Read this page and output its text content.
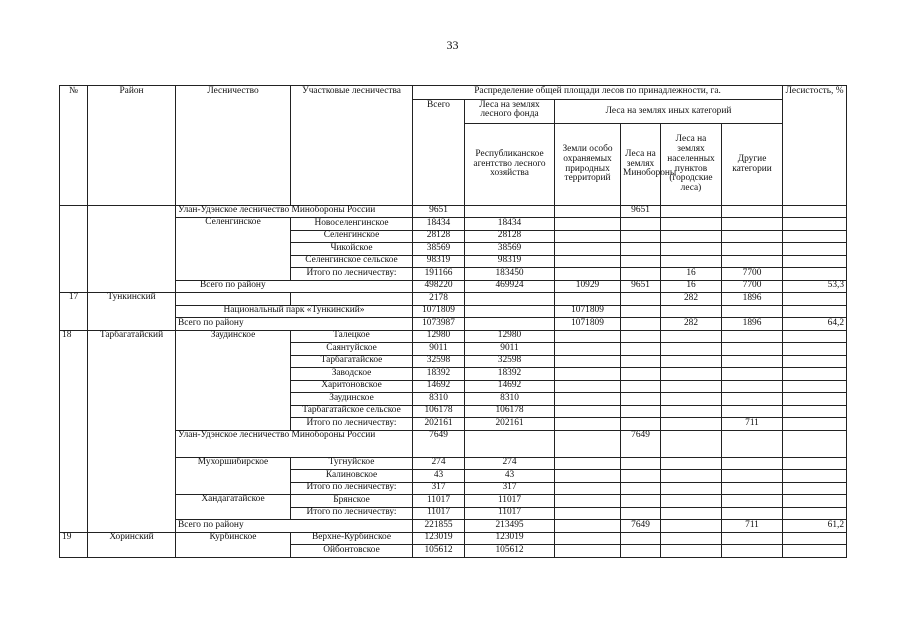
33
№	Район	Лесничество	Участковые лесничества	Распределение общей площади лесов по принадлежности, га.						Лесистость, %
				Всего	Леса на землях лесного фонда	Леса на землях иных категорий				
					Республиканское агентство лесного хозяйства	Земли особо охраняемых природных территорий	Леса на землях Минобороны	Леса на землях населенных пунктов (городские леса)	Другие категории	
		Улан-Удэнское лесничество Минобороны России		9651			9651			
		Селенгинское	Новоселенгинское	18434	18434					
			Селенгинское	28128	28128					
			Чикойское	38569	38569					
			Селенгинское сельское	98319	98319					
			Итого по лесничеству:	191166	183450			16	7700	
		Всего по району		498220	469924	10929	9651	16	7700	53,3
17	Тункинский			2178				282	1896	
		Национальный парк «Тункинский»		1071809		1071809				
		Всего по району		1073987		1071809		282	1896	64,2
18	Тарбагатайский	Заудинское	Талецкое	12980	12980					
			Саянтуйское	9011	9011					
			Тарбагатайское	32598	32598					
			Заводское	18392	18392					
			Харитоновское	14692	14692					
			Заудинское	8310	8310					
			Тарбагатайское сельское	106178	106178					
			Итого по лесничеству:	202161	202161				711	
		Улан-Удэнское лесничество Минобороны России		7649			7649			
		Мухоршибирское	Тугнуйское	274	274					
			Калиновское	43	43					
			Итого по лесничеству:	317	317					
		Хандагатайское	Брянское	11017	11017					
			Итого по лесничеству:	11017	11017					
		Всего по району		221855	213495		7649		711	61,2
19	Хоринский	Курбинское	Верхне-Курбинское	123019	123019					
			Ойбонтовское	105612	105612					
